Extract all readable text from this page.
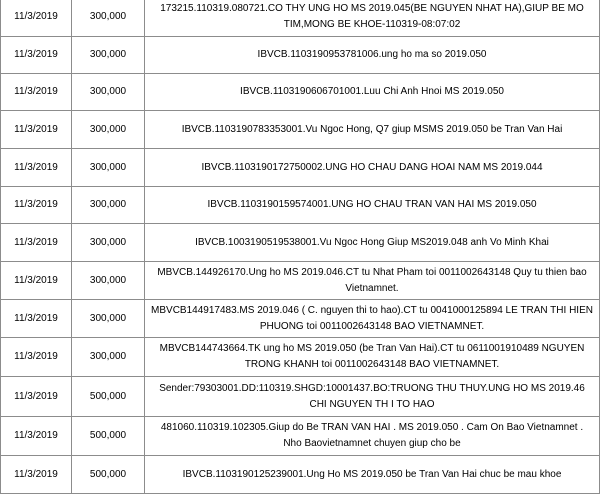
11/3/2019	300,000	173215.110319.080721.CO THY UNG HO MS 2019.045(BE NGUYEN NHAT HA),GIUP BE MO TIM,MONG BE KHOE-110319-08:07:02
11/3/2019	300,000	IBVCB.1103190953781006.ung ho ma so 2019.050
11/3/2019	300,000	IBVCB.1103190606701001.Luu Chi Anh Hnoi MS 2019.050
11/3/2019	300,000	IBVCB.1103190783353001.Vu Ngoc Hong, Q7 giup MSMS 2019.050 be Tran Van Hai
11/3/2019	300,000	IBVCB.1103190172750002.UNG HO CHAU DANG HOAI NAM MS 2019.044
11/3/2019	300,000	IBVCB.1103190159574001.UNG HO CHAU TRAN VAN HAI MS 2019.050
11/3/2019	300,000	IBVCB.1003190519538001.Vu Ngoc Hong Giup MS2019.048 anh Vo Minh Khai
11/3/2019	300,000	MBVCB.144926170.Ung ho MS 2019.046.CT tu Nhat Pham toi 0011002643148 Quy tu thien bao Vietnamnet.
11/3/2019	300,000	MBVCB144917483.MS 2019.046 ( C. nguyen thi to hao).CT tu 0041000125894 LE TRAN THI HIEN PHUONG toi 0011002643148 BAO VIETNAMNET.
11/3/2019	300,000	MBVCB144743664.TK ung ho MS 2019.050 (be Tran Van Hai).CT tu 0611001910489 NGUYEN TRONG KHANH toi 0011002643148 BAO VIETNAMNET.
11/3/2019	500,000	Sender:79303001.DD:110319.SHGD:10001437.BO:TRUONG THU THUY.UNG HO MS 2019.46 CHI NGUYEN TH I TO HAO
11/3/2019	500,000	481060.110319.102305.Giup do Be TRAN VAN HAI . MS 2019.050 . Cam On Bao Vietnamnet . Nho Baovietnamnet chuyen giup cho be
11/3/2019	500,000	IBVCB.1103190125239001.Ung Ho MS 2019.050 be Tran Van Hai chuc be mau khoe
